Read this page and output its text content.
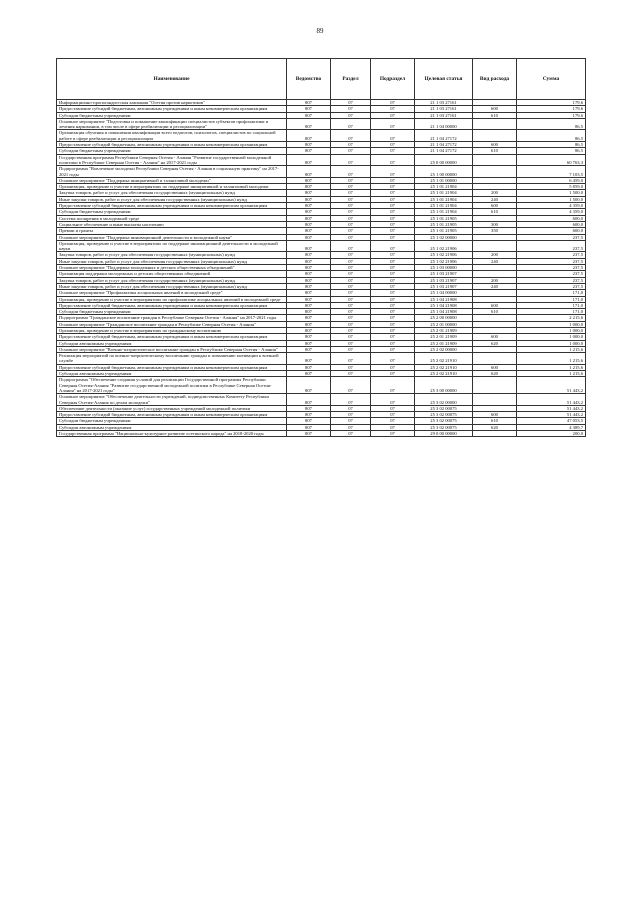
89
Наименование	Ведомство	Раздел	Подраздел	Целевая статья	Вид расхода	Сумма
Информационно-пропагандистская кампания "Осетия против наркотиков"	807	07	07	21 1 03 27161		179,6
Предоставление субсидий бюджетным, автономным учреждениям и иным некоммерческим организациям	807	07	07	21 1 03 27161	600	179,6
Субсидии бюджетным учреждениям	807	07	07	21 1 03 27161	610	179,6
Основное мероприятие "Подготовка и повышение квалификации специалистов субъектов профилактики и лечения наркомании, в том числе в сфере реабилитации и ресоциализации"	807	07	07	21 1 04 00000		86,5
Организация обучения и повышения квалификации всего педагогов, психологов, специалистов по социальной работе в сфере реабилитации и ресоциализации	807	07	07	21 1 04 27172		86,5
Предоставление субсидий бюджетным, автономным учреждениям и иным некоммерческим организациям	807	07	07	21 1 04 27172	600	86,5
Субсидии бюджетным учреждениям	807	07	07	21 1 04 27172	610	86,5
Государственная программа Республики Северная Осетия - Алания "Развитие государственной молодежной политики в Республике Северная Осетия - Алания" на 2017-2021 годы	807	07	07	25 0 00 00000		60 763,3
Подпрограмма "Вовлечение молодежи Республики Северная Осетия - Алания в социальную практику" на 2017-2021 годы	807	07	07	25 1 00 00000		7 103,5
Основное мероприятие "Поддержка инициативной и талантливой молодежи"	807	07	07	25 1 01 00000		6 459,0
Организация, проведение и участие в мероприятиях по поддержке инициативной и талантливой молодежи	807	07	07	25 1 01 21904		5 859,0
Закупка товаров, работ и услуг для обеспечения государственных (муниципальных) нужд	807	07	07	25 1 01 21904	200	1 500,0
Иные закупки товаров, работ и услуг для обеспечения государственных (муниципальных) нужд	807	07	07	25 1 01 21904	240	1 500,0
Предоставление субсидий бюджетным, автономным учреждениям и иным некоммерческим организациям	807	07	07	25 1 01 21904	600	4 359,0
Субсидии бюджетным учреждениям	807	07	07	25 1 01 21904	610	4 359,0
Система поощрения в молодежной среде	807	07	07	25 1 01 21905		600,0
Социальное обеспечение и иные выплаты населению	807	07	07	25 1 01 21905	300	600,0
Премии и гранты	807	07	07	25 1 01 21905	350	600,0
Основное мероприятие "Поддержка инновационной деятельности и молодежной науки"	807	07	07	25 1 02 00000		237,5
Организация, проведение и участие в мероприятиях по поддержке инновационной деятельности и молодежной науки	807	07	07	25 1 02 21906		237,5
Закупка товаров, работ и услуг для обеспечения государственных (муниципальных) нужд	807	07	07	25 1 02 21906	200	237,5
Иные закупки товаров, работ и услуг для обеспечения государственных (муниципальных) нужд	807	07	07	25 1 02 21906	240	237,5
Основное мероприятие "Поддержка молодежных и детских общественных объединений"	807	07	07	25 1 03 00000		237,5
Организация поддержки молодежных и детских общественных объединений	807	07	07	25 1 03 21907		237,5
Закупка товаров, работ и услуг для обеспечения государственных (муниципальных) нужд	807	07	07	25 1 03 21907	200	237,5
Иные закупки товаров, работ и услуг для обеспечения государственных (муниципальных) нужд	807	07	07	25 1 03 21907	240	237,5
Основное мероприятие "Профилактика асоциальных явлений в молодежной среде"	807	07	07	25 1 04 00000		171,0
Организация, проведение и участие в мероприятиях по профилактике асоциальных явлений в молодежной среде	807	07	07	25 1 04 21908		171,0
Предоставление субсидий бюджетным, автономным учреждениям и иным некоммерческим организациям	807	07	07	25 1 04 21908	600	171,0
Субсидии бюджетным учреждениям	807	07	07	25 1 04 21908	610	171,0
Подпрограмма "Гражданское воспитание граждан в Республике Северная Осетия - Алания" на 2017-2021 годы	807	07	07	25 2 00 00000		2 215,6
Основное мероприятие "Гражданское воспитание граждан в Республике Северная Осетия - Алания"	807	07	07	25 2 01 00000		1 000,0
Организация, проведение и участие в мероприятиях по гражданскому воспитанию	807	07	07	25 2 01 21909		1 000,0
Предоставление субсидий бюджетным, автономным учреждениям и иным некоммерческим организациям	807	07	07	25 2 01 21909	600	1 000,0
Субсидии автономным учреждениям	807	07	07	25 2 01 21909	620	1 000,0
Основное мероприятие "Военно-патриотическое воспитание граждан в Республике Северная Осетия - Алания"	807	07	07	25 2 02 00000		1 215,6
Реализация мероприятий по военно-патриотическому воспитанию граждан и повышению мотивации к военной службе	807	07	07	25 2 02 21910		1 215,6
Предоставление субсидий бюджетным, автономным учреждениям и иным некоммерческим организациям	807	07	07	25 2 02 21910	600	1 215,6
Субсидии автономным учреждениям	807	07	07	25 2 02 21910	620	1 215,6
Подпрограмма "Обеспечение создания условий для реализации Государственной программы Республики Северная Осетия-Алания "Развитие государственной молодежной политики в Республике Северная Осетия-Алания" на 2017-2021 годы"	807	07	07	25 3 00 00000		51 443,2
Основное мероприятие "Обеспечение деятельности учреждений, подведомственных Комитету Республики Северная Осетия-Алания по делам молодежи"	807	07	07	25 3 02 00000		51 443,2
Обеспечение деятельности (оказание услуг) государственных учреждений молодежной политики	807	07	07	25 3 02 00075		51 443,2
Предоставление субсидий бюджетным, автономным учреждениям и иным некоммерческим организациям	807	07	07	25 3 02 00075	600	51 443,2
Субсидии бюджетным учреждениям	807	07	07	25 3 02 00075	610	47 053,5
Субсидии автономным учреждениям	807	07	07	25 3 02 00075	620	4 389,7
Государственная программа "Национально-культурное развитие осетинского народа" на 2018-2020 годы	807	07	07	29 0 00 00000		200,0
